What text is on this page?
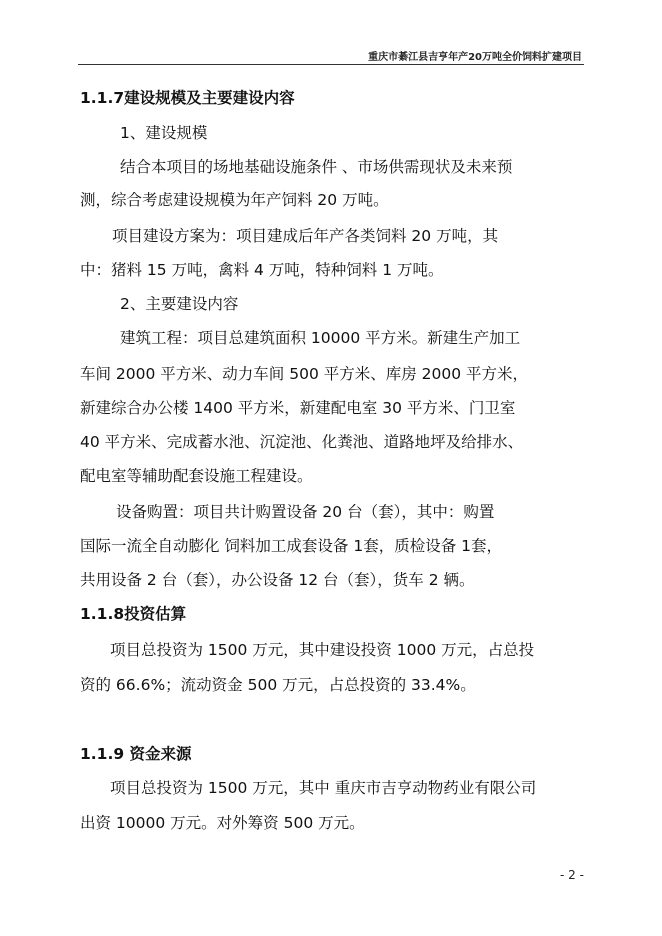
重庆市綦江县吉亨年产20万吨全价饲料扩建项目
1.1.7建设规模及主要建设内容
1、建设规模
结合本项目的场地基础设施条件 、市场供需现状及未来预
测，综合考虑建设规模为年产饲料 20 万吨。
项目建设方案为：项目建成后年产各类饲料 20 万吨，其
中：猪料 15 万吨，禽料 4 万吨，特种饲料 1 万吨。
2、主要建设内容
建筑工程：项目总建筑面积 10000 平方米。新建生产加工
车间 2000 平方米、动力车间 500 平方米、库房 2000 平方米，
新建综合办公楼 1400 平方米，新建配电室 30 平方米、门卫室
40 平方米、完成蓄水池、沉淀池、化粪池、道路地坪及给排水、
配电室等辅助配套设施工程建设。
设备购置：项目共计购置设备 20 台（套），其中：购置
国际一流全自动膨化 饲料加工成套设备 1套，质检设备 1套，
共用设备 2 台（套），办公设备 12 台（套），货车 2 辆。
1.1.8投资估算
项目总投资为 1500 万元，其中建设投资 1000 万元，占总投
资的 66.6%；流动资金 500 万元，占总投资的 33.4%。
1.1.9 资金来源
项目总投资为 1500 万元，其中 重庆市吉亨动物药业有限公司
出资 10000 万元。对外筹资 500 万元。
- 2 -
